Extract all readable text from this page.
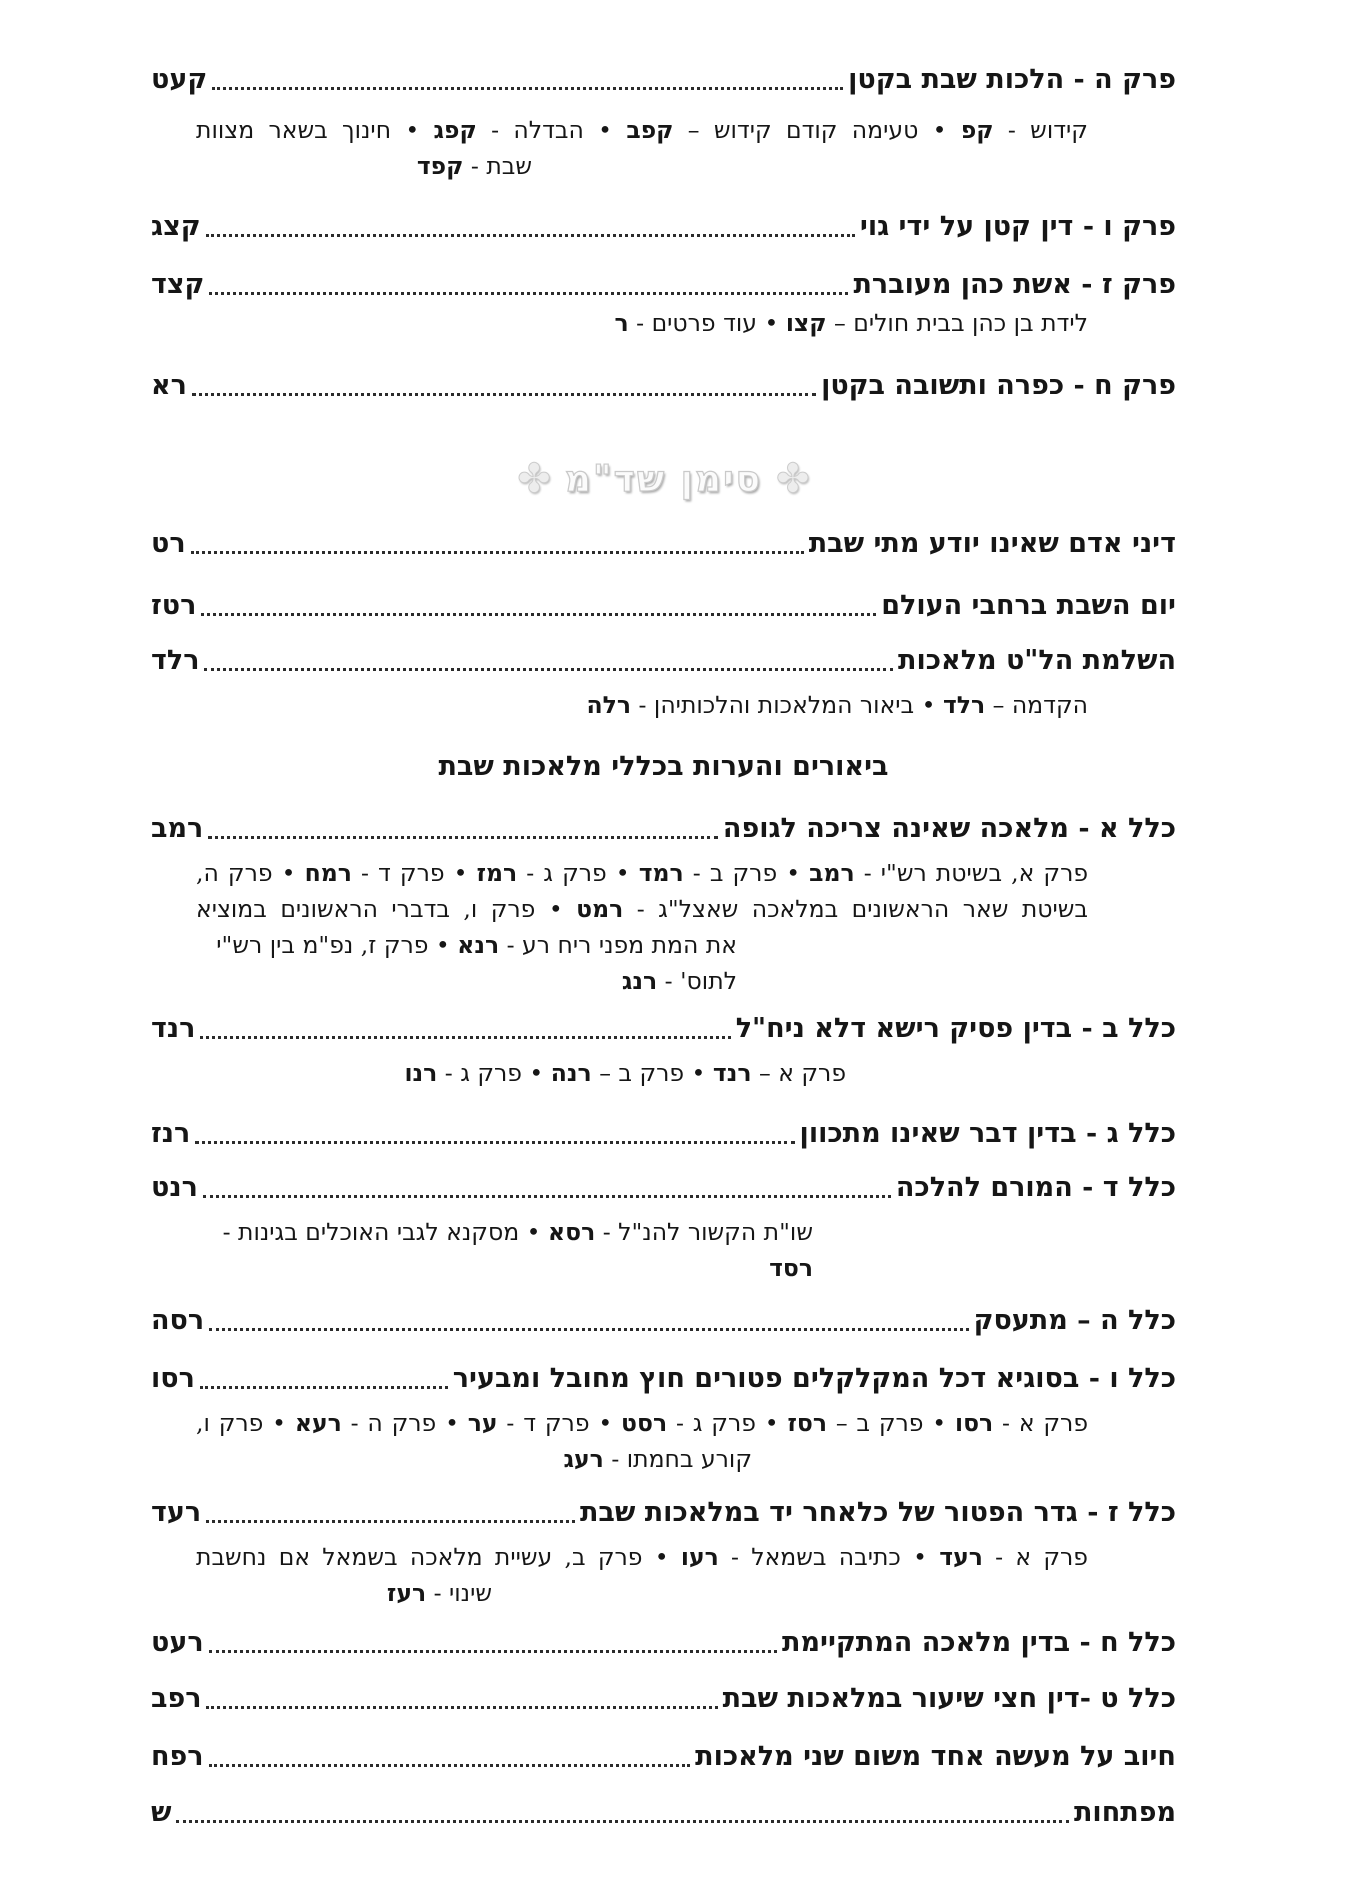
פרק ה - הלכות שבת בקטן
קעט
קידוש - קפ • טעימה קודם קידוש – קפב • הבדלה - קפג • חינוך בשאר מצוות
שבת - קפד
פרק ו - דין קטן על ידי גוי
קצג
פרק ז - אשת כהן מעוברת
קצד
לידת בן כהן בבית חולים – קצו • עוד פרטים - ר
פרק ח - כפרה ותשובה בקטן
רא
✤
סימן שד"מ
✤
דיני אדם שאינו יודע מתי שבת
רט
יום השבת ברחבי העולם
רטז
השלמת הל"ט מלאכות
רלד
הקדמה – רלד • ביאור המלאכות והלכותיהן - רלה
ביאורים והערות בכללי מלאכות שבת
כלל א - מלאכה שאינה צריכה לגופה
רמב
פרק א, בשיטת רש"י - רמב • פרק ב - רמד • פרק ג - רמז • פרק ד - רמח • פרק ה,
בשיטת שאר הראשונים במלאכה שאצל"ג - רמט • פרק ו, בדברי הראשונים במוציא
את המת מפני ריח רע - רנא • פרק ז, נפ"מ בין רש"י לתוס' - רנג
כלל ב - בדין פסיק רישא דלא ניח"ל
רנד
פרק א – רנד • פרק ב – רנה • פרק ג - רנו
כלל ג - בדין דבר שאינו מתכוון
רנז
כלל ד - המורם להלכה
רנט
שו"ת הקשור להנ"ל - רסא • מסקנא לגבי האוכלים בגינות - רסד
כלל ה – מתעסק
רסה
כלל ו - בסוגיא דכל המקלקלים פטורים חוץ מחובל ומבעיר
רסו
פרק א - רסו • פרק ב – רסז • פרק ג - רסט • פרק ד - ער • פרק ה - רעא • פרק ו,
קורע בחמתו - רעג
כלל ז - גדר הפטור של כלאחר יד במלאכות שבת
רעד
פרק א - רעד • כתיבה בשמאל - רעו • פרק ב, עשיית מלאכה בשמאל אם נחשבת
שינוי - רעז
כלל ח - בדין מלאכה המתקיימת
רעט
כלל ט -דין חצי שיעור במלאכות שבת
רפב
חיוב על מעשה אחד משום שני מלאכות
רפח
מפתחות
ש
